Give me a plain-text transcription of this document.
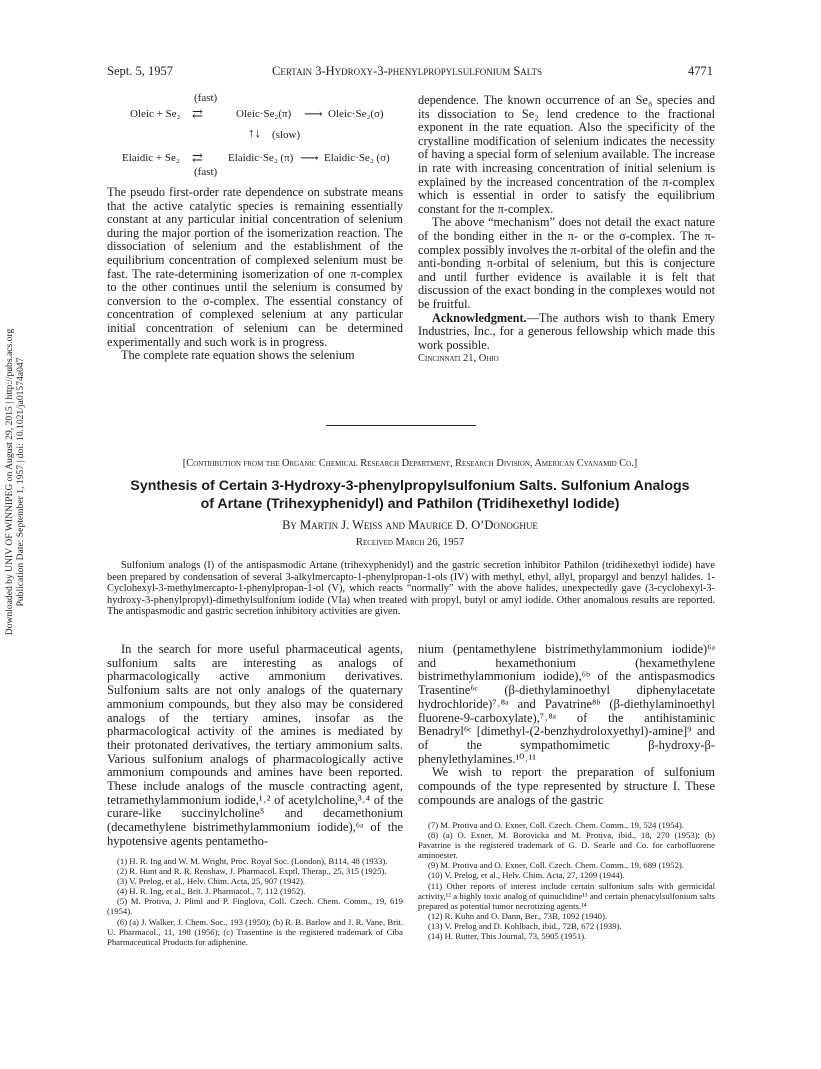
Sept. 5, 1957	Certain 3-Hydroxy-3-phenylpropylsulfonium Salts	4771
Downloaded by UNIV OF WINNIPEG on August 29, 2015 | http://pubs.acs.org Publication Date: September 1, 1957 | doi: 10.1021/ja01574a047
(fast)
Oleic + Se₂ ⇄	Oleic·Se₂(π) ⟶ Oleic·Se₂(σ)
↑↓ (slow)
Elaidic + Se₂ ⇄ Elaidic·Se₂ (π) ⟶ Elaidic·Se₂ (σ)
(fast)

The pseudo first-order rate dependence on substrate means that the active catalytic species is remaining essentially constant at any particular initial concentration of selenium during the major portion of the isomerization reaction. The dissociation of selenium and the establishment of the equilibrium concentration of complexed selenium must be fast. The rate-determining isomerization of one π-complex to the other continues until the selenium is consumed by conversion to the σ-complex. The essential constancy of concentration of complexed selenium at any particular initial concentration of selenium can be determined experimentally and such work is in progress.

The complete rate equation shows the selenium

dependence. The known occurrence of an Se₈ species and its dissociation to Se₂ lend credence to the fractional exponent in the rate equation. Also the specificity of the crystalline modification of selenium indicates the necessity of having a special form of selenium available. The increase in rate with increasing concentration of initial selenium is explained by the increased concentration of the π-complex which is essential in order to satisfy the equilibrium constant for the π-complex.

The above “mechanism” does not detail the exact nature of the bonding either in the π- or the σ-complex. The π-complex possibly involves the π-orbital of the olefin and the anti-bonding π-orbital of selenium, but this is conjecture and until further evidence is available it is felt that discussion of the exact bonding in the complexes would not be fruitful.

Acknowledgment.—The authors wish to thank Emery Industries, Inc., for a generous fellowship which made this work possible.

Cincinnati 21, Ohio

[Contribution from the Organic Chemical Research Department, Research Division, American Cyanamid Co.]
Synthesis of Certain 3-Hydroxy-3-phenylpropylsulfonium Salts. Sulfonium Analogs
of Artane (Trihexyphenidyl) and Pathilon (Tridihexethyl Iodide)
By Martin J. Weiss and Maurice D. O’Donoghue
Received March 26, 1957
Sulfonium analogs (I) of the antispasmodic Artane (trihexyphenidyl) and the gastric secretion inhibitor Pathilon (tridihexethyl iodide) have been prepared by condensation of several 3-alkylmercapto-1-phenylpropan-1-ols (IV) with methyl, ethyl, allyl, propargyl and benzyl halides. 1-Cyclohexyl-3-methylmercapto-1-phenylpropan-1-ol (V), which reacts “normally” with the above halides, unexpectedly gave (3-cyclohexyl-3-hydroxy-3-phenylpropyl)-dimethylsulfonium iodide (VIa) when treated with propyl, butyl or amyl iodide. Other anomalous results are reported. The antispasmodic and gastric secretion inhibitory activities are given.
In the search for more useful pharmaceutical agents, sulfonium salts are interesting as analogs of pharmacologically active ammonium derivatives. Sulfonium salts are not only analogs of the quaternary ammonium compounds, but they also may be considered analogs of the tertiary amines, insofar as the pharmacological activity of the amines is mediated by their protonated derivatives, the tertiary ammonium salts. Various sulfonium analogs of pharmacologically active ammonium compounds and amines have been reported. These include analogs of the muscle contracting agent, tetramethylammonium iodide,¹˒² of acetylcholine,³˒⁴ of the curare-like succinylcholine⁵ and decamethonium (decamethylene bistrimethylammonium iodide),⁶ᵃ of the hypotensive agents pentametho-

nium (pentamethylene bistrimethylammonium iodide)⁶ᵃ and hexamethonium (hexamethylene bistrimethylammonium iodide),⁶ᵇ of the antispasmodics Trasentine⁶ᶜ (β-diethylaminoethyl diphenylacetate hydrochloride)⁷˒⁸ᵃ and Pavatrine⁸ᵇ (β-diethylaminoethyl fluorene-9-carboxylate),⁷˒⁸ᵃ of the antihistaminic Benadryl⁶ᶜ [dimethyl-(2-benzhydroloxyethyl)-amine]⁹ and of the sympathomimetic β-hydroxy-β-phenylethylamines.¹⁰˒¹¹

We wish to report the preparation of sulfonium compounds of the type represented by structure I. These compounds are analogs of the gastric

(1) H. R. Ing and W. M. Wright, Proc. Royal Soc. (London), B114, 48 (1933).

(2) R. Hunt and R. R. Renshaw, J. Pharmacol. Exptl. Therap., 25, 315 (1925).

(3) V. Prelog, et al., Helv. Chim. Acta, 25, 907 (1942).

(4) H. R. Ing, et al., Brit. J. Pharmacol., 7, 112 (1952).

(5) M. Protiva, J. Pliml and P. Finglova, Coll. Czech. Chem. Comm., 19, 619 (1954).

(6) (a) J. Walker, J. Chem. Soc., 193 (1950); (b) R. B. Barlow and J. R. Vane, Brit. U. Pharmacol., 11, 198 (1956); (c) Trasentine is the registered trademark of Ciba Pharmaceutical Products for adiphenine.

(7) M. Protiva and O. Exner, Coll. Czech. Chem. Comm., 19, 524 (1954).

(8) (a) O. Exner, M. Borovicka and M. Protiva, ibid., 18, 270 (1953); (b) Pavatrine is the registered trademark of G. D. Searle and Co. for carbofluorene aminoester.

(9) M. Protiva and O. Exner, Coll. Czech. Chem. Comm., 19, 689 (1952).

(10) V. Prelog, et al., Helv. Chim. Acta, 27, 1209 (1944).

(11) Other reports of interest include certain sulfonium salts with germicidal activity,¹² a highly toxic analog of quinuclidine¹³ and certain phenacylsulfonium salts prepared as potential tumor necrotizing agents.¹⁴

(12) R. Kuhn and O. Dann, Ber., 73B, 1092 (1940).

(13) V. Prelog and D. Kohlbach, ibid., 72B, 672 (1939).

(14) H. Rutter, This Journal, 73, 5905 (1951).
